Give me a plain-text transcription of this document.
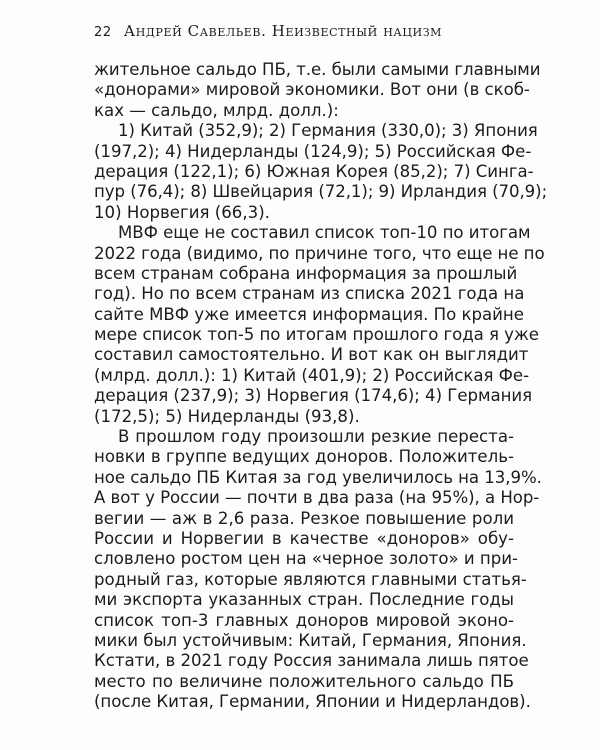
22 Андрей Савельев. Неизвестный нацизм
жительное сальдо ПБ, т.е. были самыми главными
«донорами» мировой экономики. Вот они (в скоб-
ках — сальдо, млрд. долл.):
1) Китай (352,9); 2) Германия (330,0); 3) Япония
(197,2); 4) Нидерланды (124,9); 5) Российская Фе-
дерация (122,1); 6) Южная Корея (85,2); 7) Синга-
пур (76,4); 8) Швейцария (72,1); 9) Ирландия (70,9);
10) Норвегия (66,3).
МВФ еще не составил список топ-10 по итогам
2022 года (видимо, по причине того, что еще не по
всем странам собрана информация за прошлый
год). Но по всем странам из списка 2021 года на
сайте МВФ уже имеется информация. По крайне
мере список топ-5 по итогам прошлого года я уже
составил самостоятельно. И вот как он выглядит
(млрд. долл.): 1) Китай (401,9); 2) Российская Фе-
дерация (237,9); 3) Норвегия (174,6); 4) Германия
(172,5); 5) Нидерланды (93,8).
В прошлом году произошли резкие переста-
новки в группе ведущих доноров. Положитель-
ное сальдо ПБ Китая за год увеличилось на 13,9%.
А вот у России — почти в два раза (на 95%), а Нор-
вегии — аж в 2,6 раза. Резкое повышение роли
России и Норвегии в качестве «доноров» обу-
словлено ростом цен на «черное золото» и при-
родный газ, которые являются главными статья-
ми экспорта указанных стран. Последние годы
список топ-3 главных доноров мировой эконо-
мики был устойчивым: Китай, Германия, Япония.
Кстати, в 2021 году Россия занимала лишь пятое
место по величине положительного сальдо ПБ
(после Китая, Германии, Японии и Нидерландов).
